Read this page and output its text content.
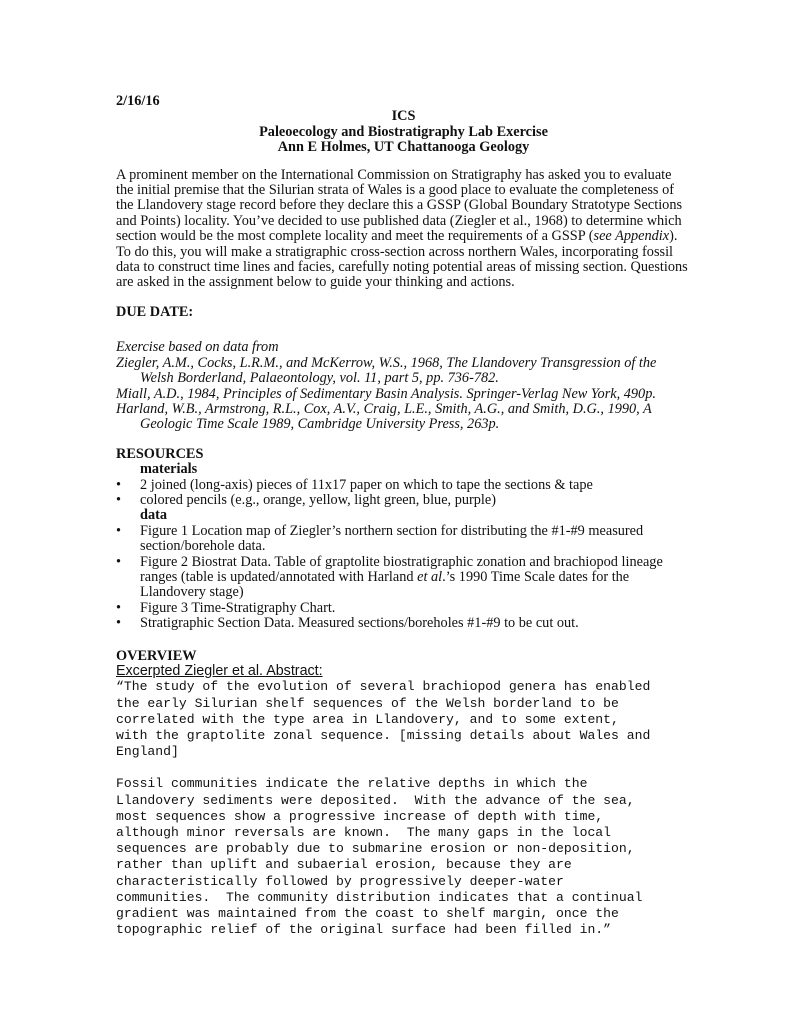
2/16/16

ICS

Paleoecology and Biostratigraphy Lab Exercise

Ann E Holmes, UT Chattanooga Geology

A prominent member on the International Commission on Stratigraphy has asked you to evaluate the initial premise that the Silurian strata of Wales is a good place to evaluate the completeness of the Llandovery stage record before they declare this a GSSP (Global Boundary Stratotype Sections and Points) locality. You’ve decided to use published data (Ziegler et al., 1968) to determine which section would be the most complete locality and meet the requirements of a GSSP (see Appendix). To do this, you will make a stratigraphic cross-section across northern Wales, incorporating fossil data to construct time lines and facies, carefully noting potential areas of missing section. Questions are asked in the assignment below to guide your thinking and actions.

DUE DATE:

Exercise based on data from

Ziegler, A.M., Cocks, L.R.M., and McKerrow, W.S., 1968, The Llandovery Transgression of the Welsh Borderland, Palaeontology, vol. 11, part 5, pp. 736-782.

Miall, A.D., 1984, Principles of Sedimentary Basin Analysis. Springer-Verlag New York, 490p.

Harland, W.B., Armstrong, R.L., Cox, A.V., Craig, L.E., Smith, A.G., and Smith, D.G., 1990, A Geologic Time Scale 1989, Cambridge University Press, 263p.

RESOURCES

materials

• 2 joined (long-axis) pieces of 11x17 paper on which to tape the sections & tape
• colored pencils (e.g., orange, yellow, light green, blue, purple)

data

• Figure 1 Location map of Ziegler’s northern section for distributing the #1-#9 measured section/borehole data.
• Figure 2 Biostrat Data. Table of graptolite biostratigraphic zonation and brachiopod lineage ranges (table is updated/annotated with Harland et al.’s 1990 Time Scale dates for the Llandovery stage)
• Figure 3 Time-Stratigraphy Chart.
• Stratigraphic Section Data. Measured sections/boreholes #1-#9 to be cut out.

OVERVIEW

Excerpted Ziegler et al. Abstract:

“The study of the evolution of several brachiopod genera has enabled
the early Silurian shelf sequences of the Welsh borderland to be
correlated with the type area in Llandovery, and to some extent,
with the graptolite zonal sequence. [missing details about Wales and
England]
Fossil communities indicate the relative depths in which the
Llandovery sediments were deposited.  With the advance of the sea,
most sequences show a progressive increase of depth with time,
although minor reversals are known.  The many gaps in the local
sequences are probably due to submarine erosion or non-deposition,
rather than uplift and subaerial erosion, because they are
characteristically followed by progressively deeper-water
communities.  The community distribution indicates that a continual
gradient was maintained from the coast to shelf margin, once the
topographic relief of the original surface had been filled in.”
